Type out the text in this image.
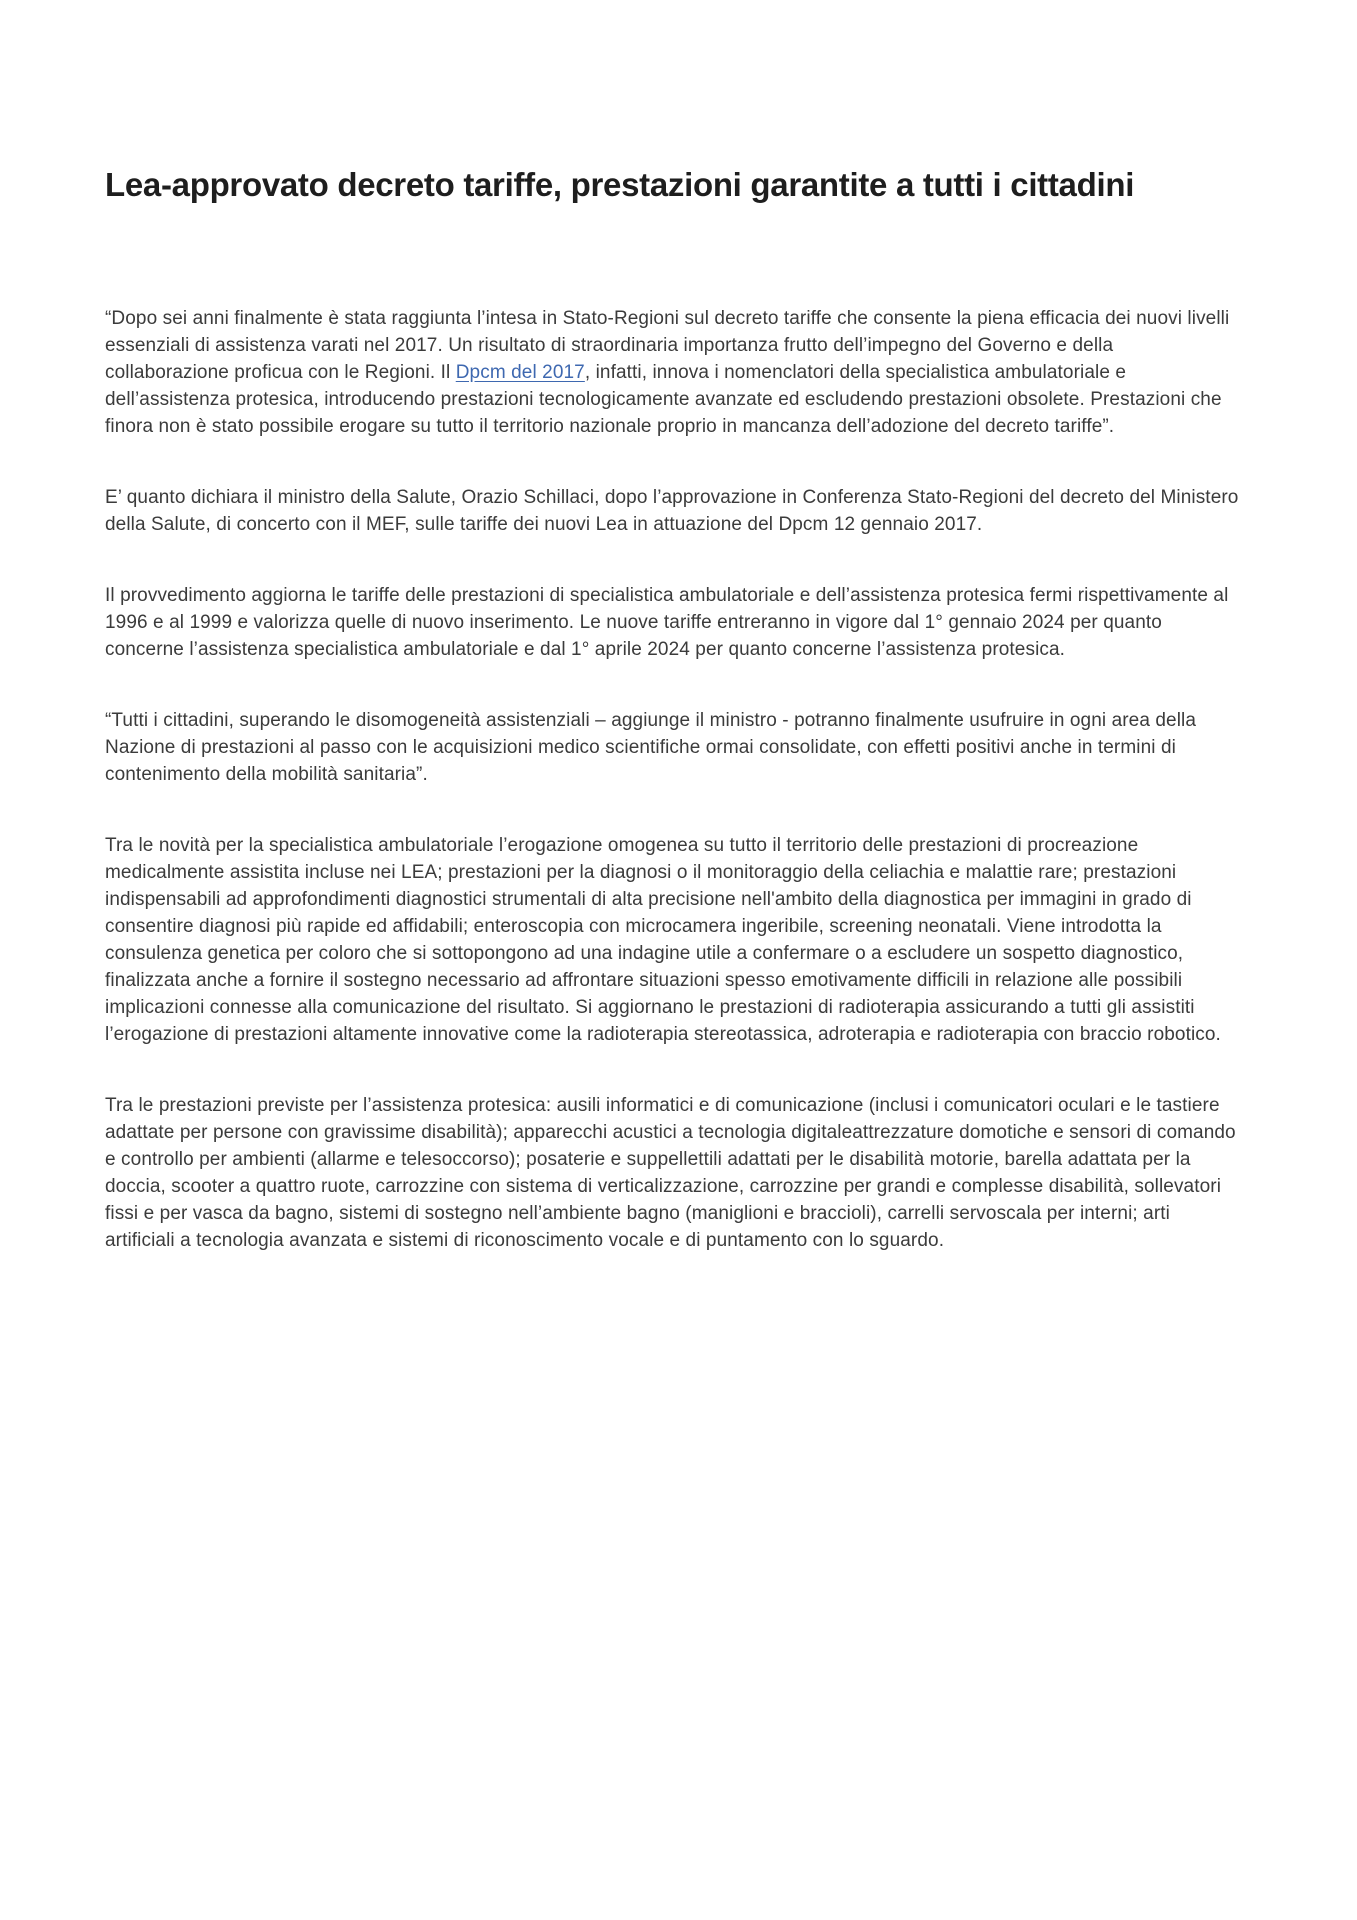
Lea-approvato decreto tariffe, prestazioni garantite a tutti i cittadini

“Dopo sei anni finalmente è stata raggiunta l’intesa in Stato-Regioni sul decreto tariffe che consente la piena efficacia dei nuovi livelli essenziali di assistenza varati nel 2017. Un risultato di straordinaria importanza frutto dell’impegno del Governo e della collaborazione proficua con le Regioni. Il Dpcm del 2017, infatti, innova i nomenclatori della specialistica ambulatoriale e dell’assistenza protesica, introducendo prestazioni tecnologicamente avanzate ed escludendo prestazioni obsolete. Prestazioni che finora non è stato possibile erogare su tutto il territorio nazionale proprio in mancanza dell’adozione del decreto tariffe”.

E’ quanto dichiara il ministro della Salute, Orazio Schillaci, dopo l’approvazione in Conferenza Stato-Regioni del decreto del Ministero della Salute, di concerto con il MEF, sulle tariffe dei nuovi Lea in attuazione del Dpcm 12 gennaio 2017.

Il provvedimento aggiorna le tariffe delle prestazioni di specialistica ambulatoriale e dell’assistenza protesica fermi rispettivamente al 1996 e al 1999 e valorizza quelle di nuovo inserimento. Le nuove tariffe entreranno in vigore dal 1° gennaio 2024 per quanto concerne l’assistenza specialistica ambulatoriale e dal 1° aprile 2024 per quanto concerne l’assistenza protesica.

“Tutti i cittadini, superando le disomogeneità assistenziali – aggiunge il ministro - potranno finalmente usufruire in ogni area della Nazione di prestazioni al passo con le acquisizioni medico scientifiche ormai consolidate, con effetti positivi anche in termini di contenimento della mobilità sanitaria”.

Tra le novità per la specialistica ambulatoriale l’erogazione omogenea su tutto il territorio delle prestazioni di procreazione medicalmente assistita incluse nei LEA; prestazioni per la diagnosi o il monitoraggio della celiachia e malattie rare; prestazioni indispensabili ad approfondimenti diagnostici strumentali di alta precisione nell'ambito della diagnostica per immagini in grado di consentire diagnosi più rapide ed affidabili; enteroscopia con microcamera ingeribile, screening neonatali. Viene introdotta la consulenza genetica per coloro che si sottopongono ad una indagine utile a confermare o a escludere un sospetto diagnostico, finalizzata anche a fornire il sostegno necessario ad affrontare situazioni spesso emotivamente difficili in relazione alle possibili implicazioni connesse alla comunicazione del risultato. Si aggiornano le prestazioni di radioterapia assicurando a tutti gli assistiti l’erogazione di prestazioni altamente innovative come la radioterapia stereotassica, adroterapia e radioterapia con braccio robotico.

Tra le prestazioni previste per l’assistenza protesica: ausili informatici e di comunicazione (inclusi i comunicatori oculari e le tastiere adattate per persone con gravissime disabilità); apparecchi acustici a tecnologia digitaleattrezzature domotiche e sensori di comando e controllo per ambienti (allarme e telesoccorso); posaterie e suppellettili adattati per le disabilità motorie, barella adattata per la doccia, scooter a quattro ruote, carrozzine con sistema di verticalizzazione, carrozzine per grandi e complesse disabilità, sollevatori fissi e per vasca da bagno, sistemi di sostegno nell’ambiente bagno (maniglioni e braccioli), carrelli servoscala per interni; arti artificiali a tecnologia avanzata e sistemi di riconoscimento vocale e di puntamento con lo sguardo.
